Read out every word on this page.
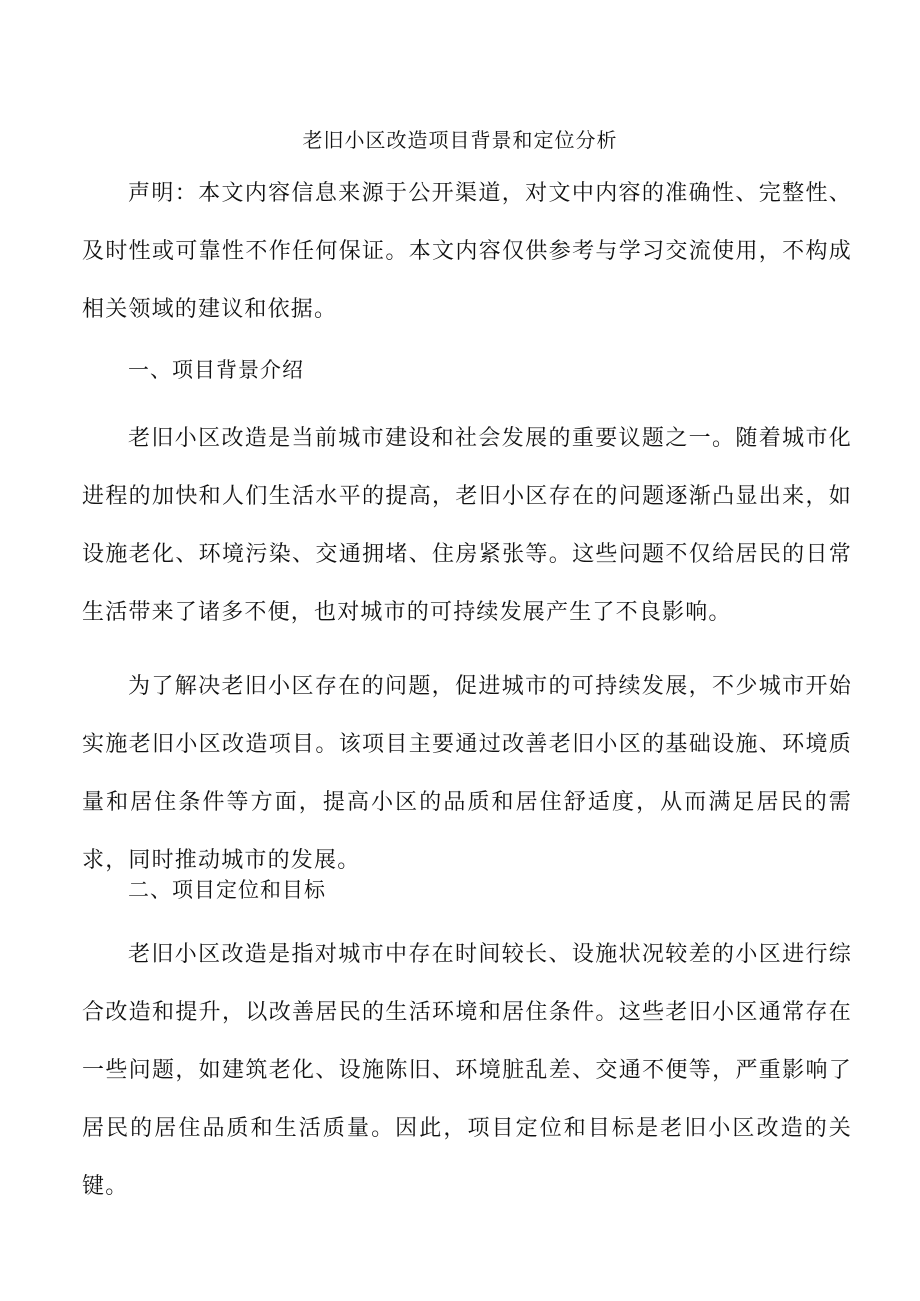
老旧小区改造项目背景和定位分析

声明：本文内容信息来源于公开渠道，对文中内容的准确性、完整性、及时性或可靠性不作任何保证。本文内容仅供参考与学习交流使用，不构成相关领域的建议和依据。

一、项目背景介绍

老旧小区改造是当前城市建设和社会发展的重要议题之一。随着城市化进程的加快和人们生活水平的提高，老旧小区存在的问题逐渐凸显出来，如设施老化、环境污染、交通拥堵、住房紧张等。这些问题不仅给居民的日常生活带来了诸多不便，也对城市的可持续发展产生了不良影响。

为了解决老旧小区存在的问题，促进城市的可持续发展，不少城市开始实施老旧小区改造项目。该项目主要通过改善老旧小区的基础设施、环境质量和居住条件等方面，提高小区的品质和居住舒适度，从而满足居民的需求，同时推动城市的发展。

二、项目定位和目标

老旧小区改造是指对城市中存在时间较长、设施状况较差的小区进行综合改造和提升，以改善居民的生活环境和居住条件。这些老旧小区通常存在一些问题，如建筑老化、设施陈旧、环境脏乱差、交通不便等，严重影响了居民的居住品质和生活质量。因此，项目定位和目标是老旧小区改造的关键。
